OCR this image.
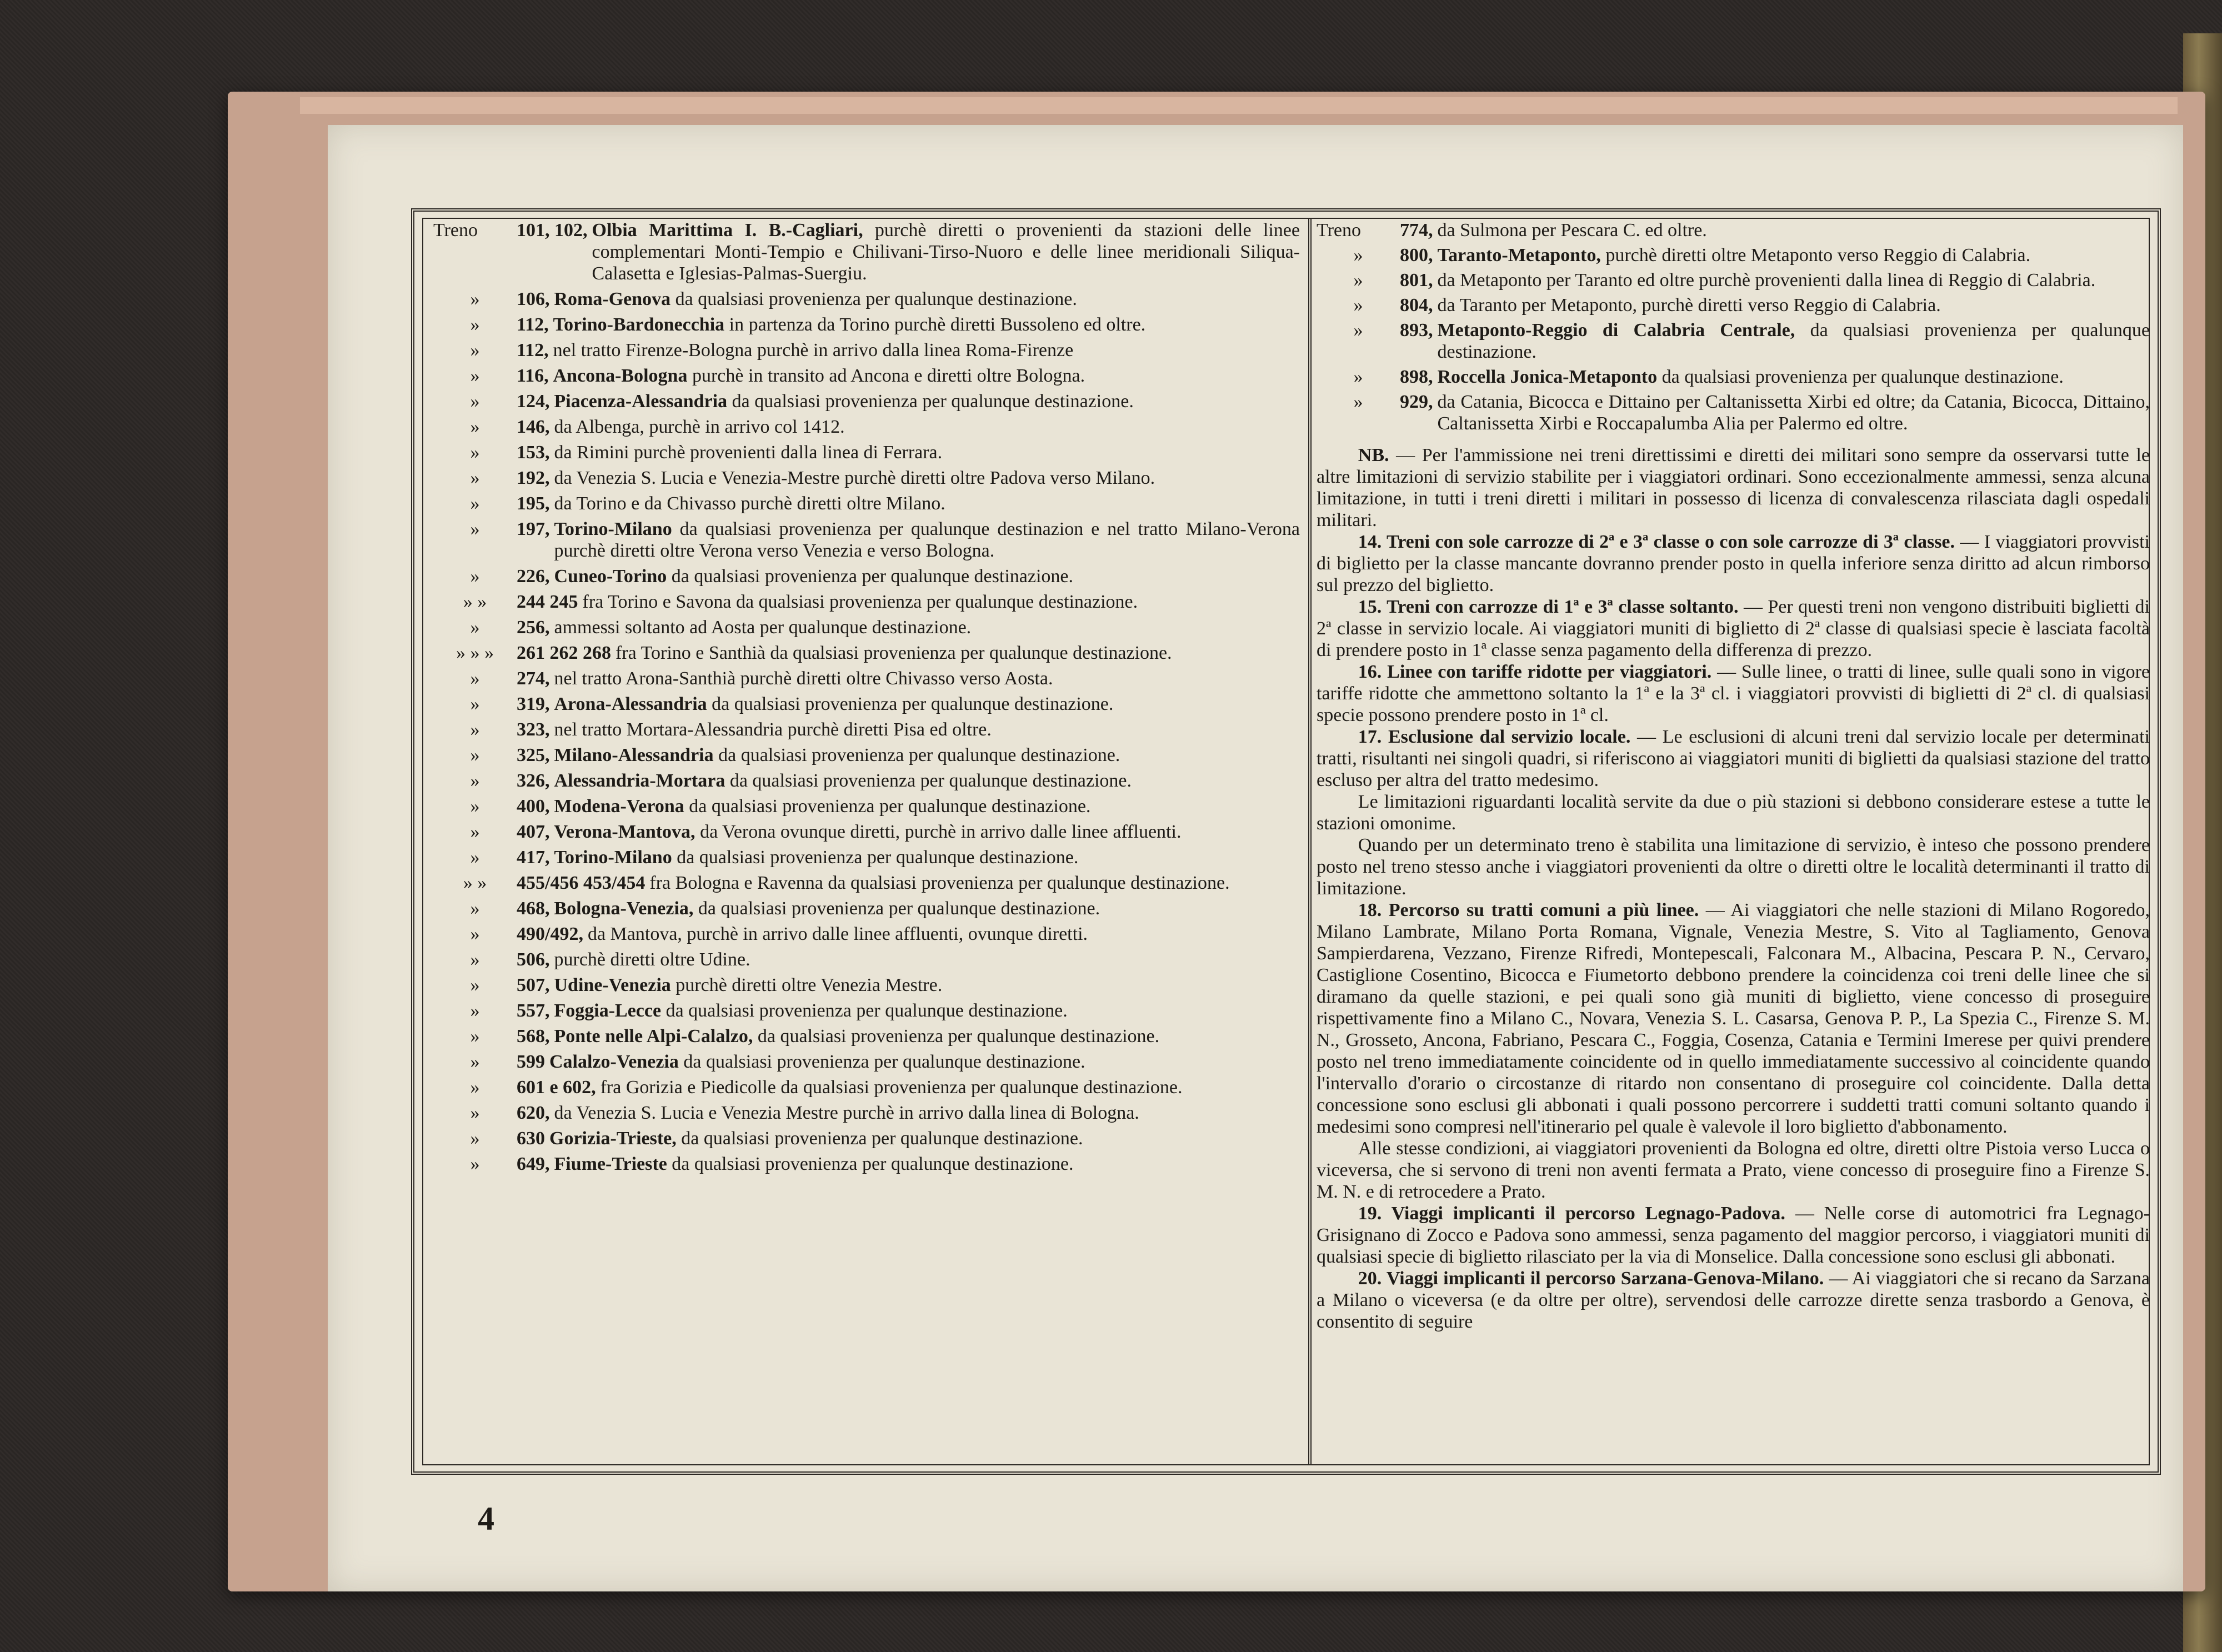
Treno	101, 102, Olbia Marittima I. B.-Cagliari, purchè diretti o provenienti da stazioni delle linee complementari Monti-Tempio e Chilivani-Tirso-Nuoro e delle linee meridionali Siliqua-Calasetta e Iglesias-Palmas-Suergiu.
»	106, Roma-Genova da qualsiasi provenienza per qualunque destinazione.
»	112, Torino-Bardonecchia in partenza da Torino purchè diretti Bussoleno ed oltre.
»	112, nel tratto Firenze-Bologna purchè in arrivo dalla linea Roma-Firenze
»	116, Ancona-Bologna purchè in transito ad Ancona e diretti oltre Bologna.
»	124, Piacenza-Alessandria da qualsiasi provenienza per qualunque destinazione.
»	146, da Albenga, purchè in arrivo col 1412.
»	153, da Rimini purchè provenienti dalla linea di Ferrara.
»	192, da Venezia S. Lucia e Venezia-Mestre purchè diretti oltre Padova verso Milano.
»	195, da Torino e da Chivasso purchè diretti oltre Milano.
»	197, Torino-Milano da qualsiasi provenienza per qualunque destinazion e nel tratto Milano-Verona purchè diretti oltre Verona verso Venezia e verso Bologna.
»	226, Cuneo-Torino da qualsiasi provenienza per qualunque destinazione.
» »	244 245 fra Torino e Savona da qualsiasi provenienza per qualunque destinazione.
»	256, ammessi soltanto ad Aosta per qualunque destinazione.
» » »	261 262 268 fra Torino e Santhià da qualsiasi provenienza per qualunque destinazione.
»	274, nel tratto Arona-Santhià purchè diretti oltre Chivasso verso Aosta.
»	319, Arona-Alessandria da qualsiasi provenienza per qualunque destinazione.
»	323, nel tratto Mortara-Alessandria purchè diretti Pisa ed oltre.
»	325, Milano-Alessandria da qualsiasi provenienza per qualunque destinazione.
»	326, Alessandria-Mortara da qualsiasi provenienza per qualunque destinazione.
»	400, Modena-Verona da qualsiasi provenienza per qualunque destinazione.
»	407, Verona-Mantova, da Verona ovunque diretti, purchè in arrivo dalle linee affluenti.
»	417, Torino-Milano da qualsiasi provenienza per qualunque destinazione.
» »	455/456 453/454 fra Bologna e Ravenna da qualsiasi provenienza per qualunque destinazione.
»	468, Bologna-Venezia, da qualsiasi provenienza per qualunque destinazione.
»	490/492, da Mantova, purchè in arrivo dalle linee affluenti, ovunque diretti.
»	506, purchè diretti oltre Udine.
»	507, Udine-Venezia purchè diretti oltre Venezia Mestre.
»	557, Foggia-Lecce da qualsiasi provenienza per qualunque destinazione.
»	568, Ponte nelle Alpi-Calalzo, da qualsiasi provenienza per qualunque destinazione.
»	599 Calalzo-Venezia da qualsiasi provenienza per qualunque destinazione.
»	601 e 602, fra Gorizia e Piedicolle da qualsiasi provenienza per qualunque destinazione.
»	620, da Venezia S. Lucia e Venezia Mestre purchè in arrivo dalla linea di Bologna.
»	630 Gorizia-Trieste, da qualsiasi provenienza per qualunque destinazione.
»	649, Fiume-Trieste da qualsiasi provenienza per qualunque destinazione.
Treno	774, da Sulmona per Pescara C. ed oltre.
»	800, Taranto-Metaponto, purchè diretti oltre Metaponto verso Reggio di Calabria.
»	801, da Metaponto per Taranto ed oltre purchè provenienti dalla linea di Reggio di Calabria.
»	804, da Taranto per Metaponto, purchè diretti verso Reggio di Calabria.
»	893, Metaponto-Reggio di Calabria Centrale, da qualsiasi provenienza per qualunque destinazione.
»	898, Roccella Jonica-Metaponto da qualsiasi provenienza per qualunque destinazione.
»	929, da Catania, Bicocca e Dittaino per Caltanissetta Xirbi ed oltre; da Catania, Bicocca, Dittaino, Caltanissetta Xirbi e Roccapalumba Alia per Palermo ed oltre.

NB. — Per l'ammissione nei treni direttissimi e diretti dei militari sono sempre da osservarsi tutte le altre limitazioni di servizio stabilite per i viaggiatori ordinari. Sono eccezionalmente ammessi, senza alcuna limitazione, in tutti i treni diretti i militari in possesso di licenza di convalescenza rilasciata dagli ospedali militari.

14. Treni con sole carrozze di 2ª e 3ª classe o con sole carrozze di 3ª classe. — I viaggiatori provvisti di biglietto per la classe mancante dovranno prender posto in quella inferiore senza diritto ad alcun rimborso sul prezzo del biglietto.

15. Treni con carrozze di 1ª e 3ª classe soltanto. — Per questi treni non vengono distribuiti biglietti di 2ª classe in servizio locale. Ai viaggiatori muniti di biglietto di 2ª classe di qualsiasi specie è lasciata facoltà di prendere posto in 1ª classe senza pagamento della differenza di prezzo.

16. Linee con tariffe ridotte per viaggiatori. — Sulle linee, o tratti di linee, sulle quali sono in vigore tariffe ridotte che ammettono soltanto la 1ª e la 3ª cl. i viaggiatori provvisti di biglietti di 2ª cl. di qualsiasi specie possono prendere posto in 1ª cl.

17. Esclusione dal servizio locale. — Le esclusioni di alcuni treni dal servizio locale per determinati tratti, risultanti nei singoli quadri, si riferiscono ai viaggiatori muniti di biglietti da qualsiasi stazione del tratto escluso per altra del tratto medesimo.

Le limitazioni riguardanti località servite da due o più stazioni si debbono considerare estese a tutte le stazioni omonime.

Quando per un determinato treno è stabilita una limitazione di servizio, è inteso che possono prendere posto nel treno stesso anche i viaggiatori provenienti da oltre o diretti oltre le località determinanti il tratto di limitazione.

18. Percorso su tratti comuni a più linee. — Ai viaggiatori che nelle stazioni di Milano Rogoredo, Milano Lambrate, Milano Porta Romana, Vignale, Venezia Mestre, S. Vito al Tagliamento, Genova Sampierdarena, Vezzano, Firenze Rifredi, Montepescali, Falconara M., Albacina, Pescara P. N., Cervaro, Castiglione Cosentino, Bicocca e Fiumetorto debbono prendere la coincidenza coi treni delle linee che si diramano da quelle stazioni, e pei quali sono già muniti di biglietto, viene concesso di proseguire rispettivamente fino a Milano C., Novara, Venezia S. L. Casarsa, Genova P. P., La Spezia C., Firenze S. M. N., Grosseto, Ancona, Fabriano, Pescara C., Foggia, Cosenza, Catania e Termini Imerese per quivi prendere posto nel treno immediatamente coincidente od in quello immediatamente successivo al coincidente quando l'intervallo d'orario o circostanze di ritardo non consentano di proseguire col coincidente. Dalla detta concessione sono esclusi gli abbonati i quali possono percorrere i suddetti tratti comuni soltanto quando i medesimi sono compresi nell'itinerario pel quale è valevole il loro biglietto d'abbonamento.

Alle stesse condizioni, ai viaggiatori provenienti da Bologna ed oltre, diretti oltre Pistoia verso Lucca o viceversa, che si servono di treni non aventi fermata a Prato, viene concesso di proseguire fino a Firenze S. M. N. e di retrocedere a Prato.

19. Viaggi implicanti il percorso Legnago-Padova. — Nelle corse di automotrici fra Legnago-Grisignano di Zocco e Padova sono ammessi, senza pagamento del maggior percorso, i viaggiatori muniti di qualsiasi specie di biglietto rilasciato per la via di Monselice. Dalla concessione sono esclusi gli abbonati.

20. Viaggi implicanti il percorso Sarzana-Genova-Milano. — Ai viaggiatori che si recano da Sarzana a Milano o viceversa (e da oltre per oltre), servendosi delle carrozze dirette senza trasbordo a Genova, è consentito di seguire

4
